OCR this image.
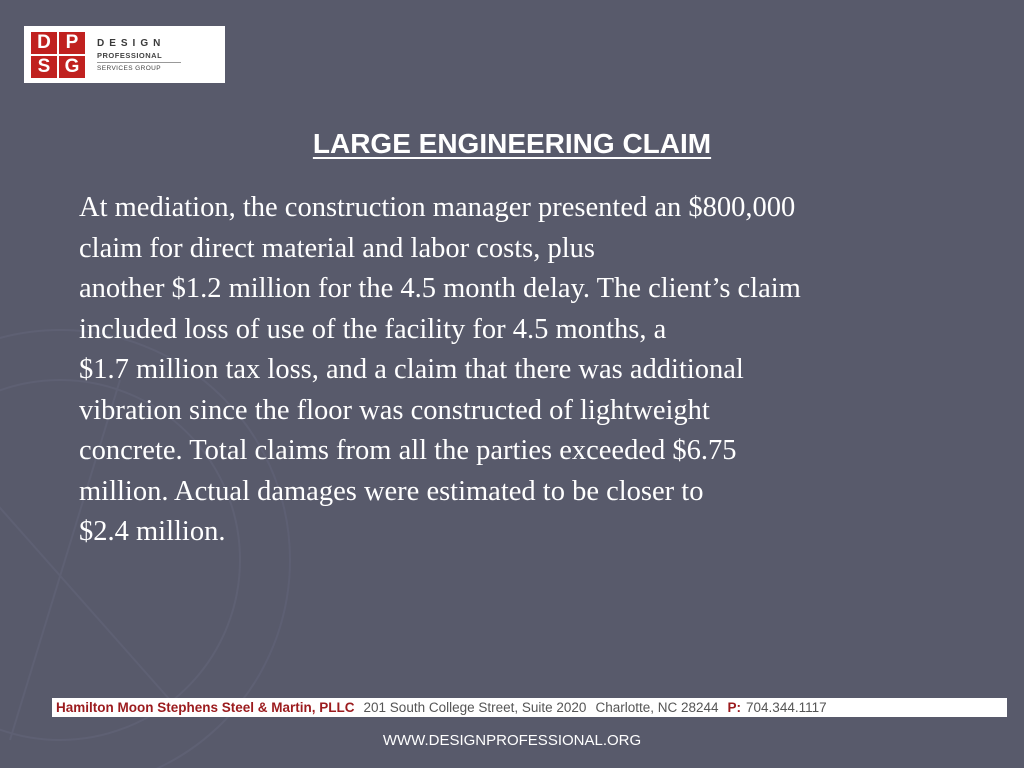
D P
S G
DESIGN
PROFESSIONAL
SERVICES GROUP
LARGE ENGINEERING CLAIM
At mediation, the construction manager presented an $800,000
claim for direct material and labor costs, plus
another $1.2 million for the 4.5 month delay. The client’s claim
included loss of use of the facility for 4.5 months, a
$1.7 million tax loss, and a claim that there was additional
vibration since the floor was constructed of lightweight
concrete. Total claims from all the parties exceeded $6.75
million. Actual damages were estimated to be closer to
$2.4 million.
Hamilton Moon Stephens Steel & Martin, PLLC 201 South College Street, Suite 2020 Charlotte, NC 28244 P: 704.344.1117
WWW.DESIGNPROFESSIONAL.ORG
